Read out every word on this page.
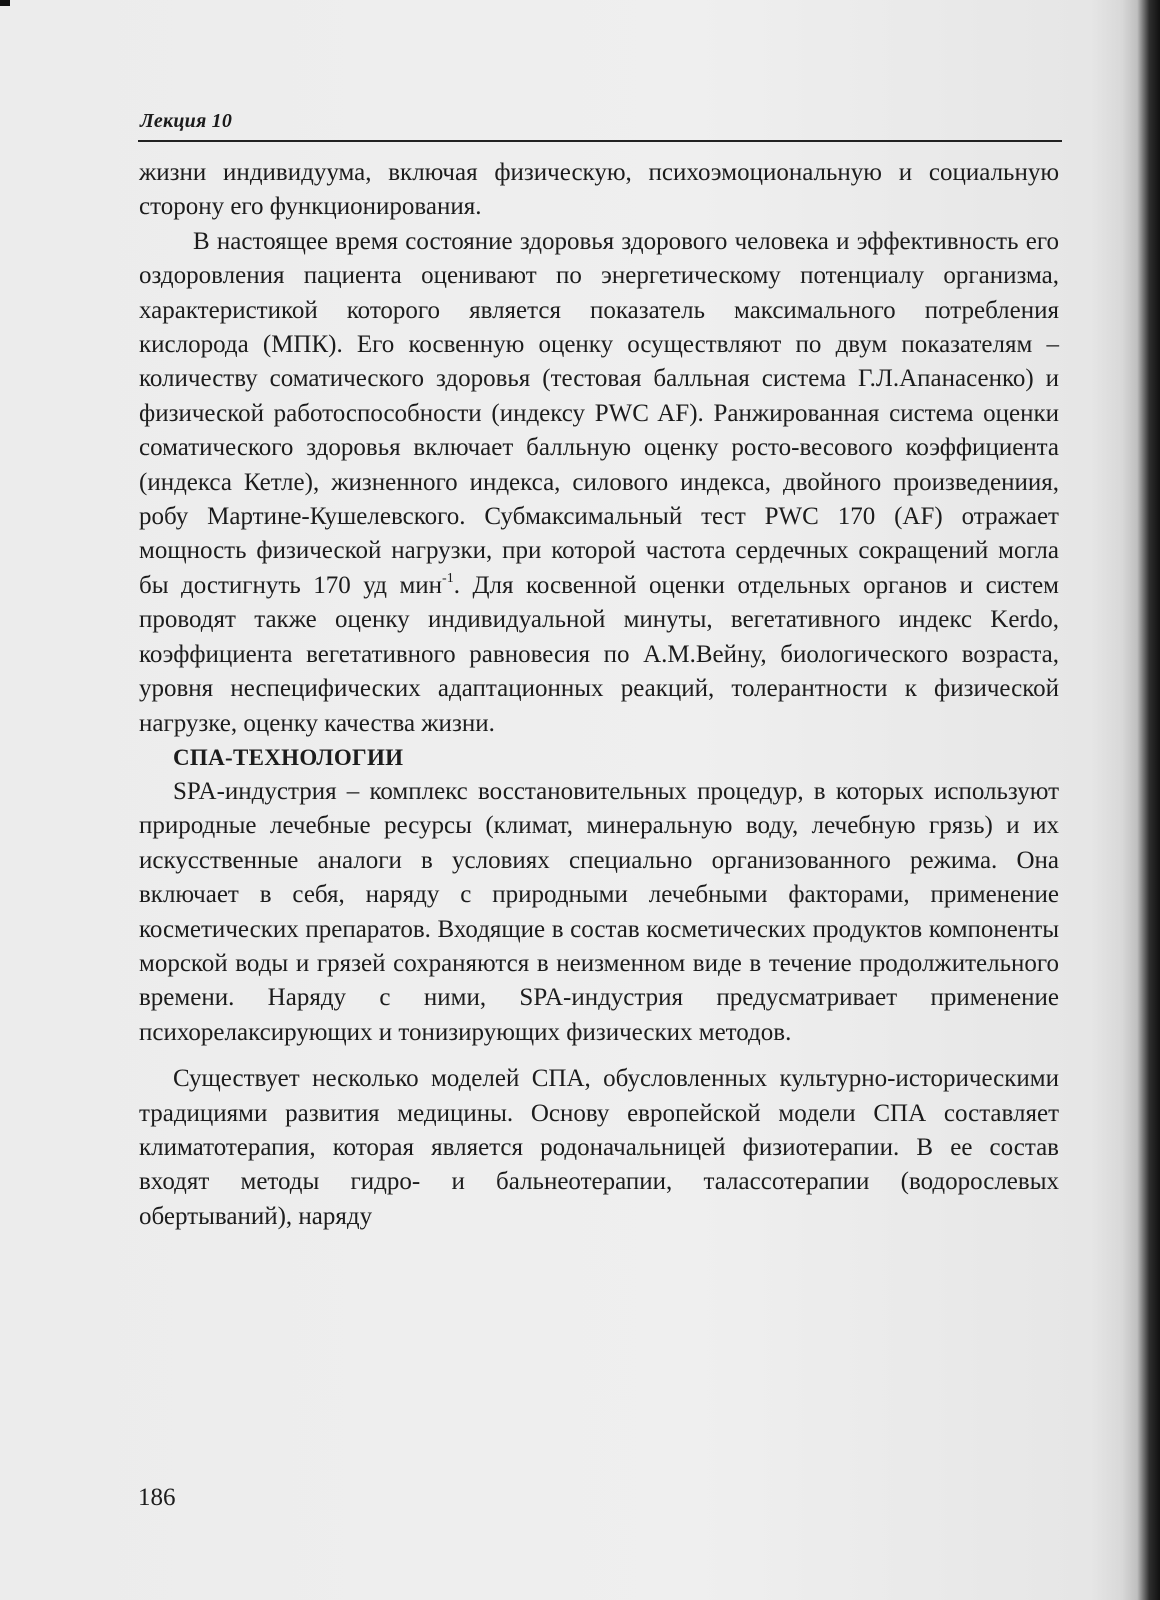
Лекция 10

жизни индивидуума, включая физическую, психоэмоциональную и социальную сторону его функционирования.

В настоящее время состояние здоровья здорового человека и эффективность его оздоровления пациента оценивают по энергетическому потенциалу организма, характеристикой которого является показатель максимального потребления кислорода (МПК). Его косвенную оценку осуществляют по двум показателям – количеству соматического здоровья (тестовая балльная система Г.Л.Апанасенко) и физической работоспособности (индексу PWC AF). Ранжированная система оценки соматического здоровья включает балльную оценку росто-весового коэффициента (индекса Кетле), жизненного индекса, силового индекса, двойного произведениия, робу Мартине-Кушелевского. Субмаксимальный тест PWC 170 (AF) отражает мощность физической нагрузки, при которой частота сердечных сокращений могла бы достигнуть 170 уд мин$^{-1}$. Для косвенной оценки отдельных органов и систем проводят также оценку индивидуальной минуты, вегетативного индекс Kerdo, коэффициента вегетативного равновесия по А.М.Вейну, биологического возраста, уровня неспецифических адаптационных реакций, толерантности к физической нагрузке, оценку качества жизни.

СПА-ТЕХНОЛОГИИ

SPA-индустрия – комплекс восстановительных процедур, в которых используют природные лечебные ресурсы (климат, минеральную воду, лечебную грязь) и их искусственные аналоги в условиях специально организованного режима. Она включает в себя, наряду с природными лечебными факторами, применение косметических препаратов. Входящие в состав косметических продуктов компоненты морской воды и грязей сохраняются в неизменном виде в течение продолжительного времени. Наряду с ними, SPA-индустрия предусматривает применение психорелаксирующих и тонизирующих физических методов.

Существует несколько моделей СПА, обусловленных культурно-историческими традициями развития медицины. Основу европейской модели СПА составляет климатотерапия, которая является родоначальницей физиотерапии. В ее состав входят методы гидро- и бальнеотерапии, талассотерапии (водорослевых обертываний), наряду

186
